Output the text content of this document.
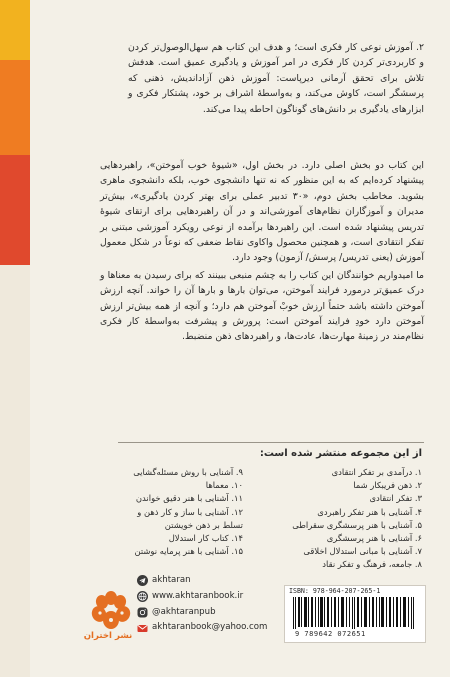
۲. آموزش نوعی کار فکری است؛ و هدف این کتاب هم سهل‌الوصول‌تر کردن و کاربردی‌تر کردن کار فکری در امر آموزش و یادگیری عمیق است. هدفش تلاش برای تحقق آرمانی دیرپاست: آموزش ذهن آزاداندیش، ذهنی که پرسشگر است، کاوش می‌کند، و به‌واسطهٔ اشراف بر خود، پشتکار فکری و ابزارهای یادگیری بر دانش‌های گوناگون احاطه پیدا می‌کند.

این کتاب دو بخش اصلی دارد. در بخش اول، «شیوهٔ خوب آموختن»، راهبردهایی پیشنهاد کرده‌ایم که به این منظور که نه تنها دانشجوی خوب، بلکه دانشجوی ماهری بشوید. مخاطب بخش دوم، «۳۰ تدبیر عملی برای بهتر کردن یادگیری»، بیش‌تر مدیران و آموزگاران نظام‌های آموزشی‌اند و در آن راهبردهایی برای ارتقای شیوهٔ تدریس پیشنهاد شده است. این راهبردها برآمده از نوعی رویکرد آموزشی مبتنی بر تفکر انتقادی است، و همچنین محصول واکاوی نقاط ضعفی که نوعاً در شکل معمول آموزش (یعنی تدریس/ پرسش/ آزمون) وجود دارد.

ما امیدواریم خوانندگان این کتاب را به چشم منبعی ببینند که برای رسیدن به معناها و درک عمیق‌تر درمورد فرایند آموختن، می‌توان بارها و بارها آن را خواند. آنچه ارزش آموختن داشته باشد حتماً ارزش خوبْ آموختن هم دارد؛ و آنچه از همه بیش‌تر ارزش آموختن دارد خودِ فرایند آموختن است: پرورش و پیشرفت به‌واسطهٔ کار فکری نظام‌مند در زمینهٔ مهارت‌ها، عادت‌ها، و راهبردهای ذهن منضبط.

از این مجموعه منتشر شده است:
۱. درآمدی بر تفکر انتقادی
۲. ذهن فریبکار شما
۳. تفکر انتقادی
۴. آشنایی با هنر تفکر راهبردی
۵. آشنایی با هنر پرسشگری سقراطی
۶. آشنایی با هنر پرسشگری
۷. آشنایی با مبانی استدلال اخلاقی
۸. جامعه، فرهنگ و تفکر نقاد
۹. آشنایی با روش مسئله‌گشایی
۱۰. معماها
۱۱. آشنایی با هنر دقیق خواندن
۱۲. آشنایی با ساز و کار ذهن و
تسلط بر ذهن خویشتن
۱۴. کتاب کار استدلال
۱۵. آشنایی با هنر پرمایه نوشتن
ISBN: 978-964-207-265-1
9 789642 072651
akhtaran
www.akhtaranbook.ir
@akhtaranpub
akhtaranbook@yahoo.com
نشر اختران
